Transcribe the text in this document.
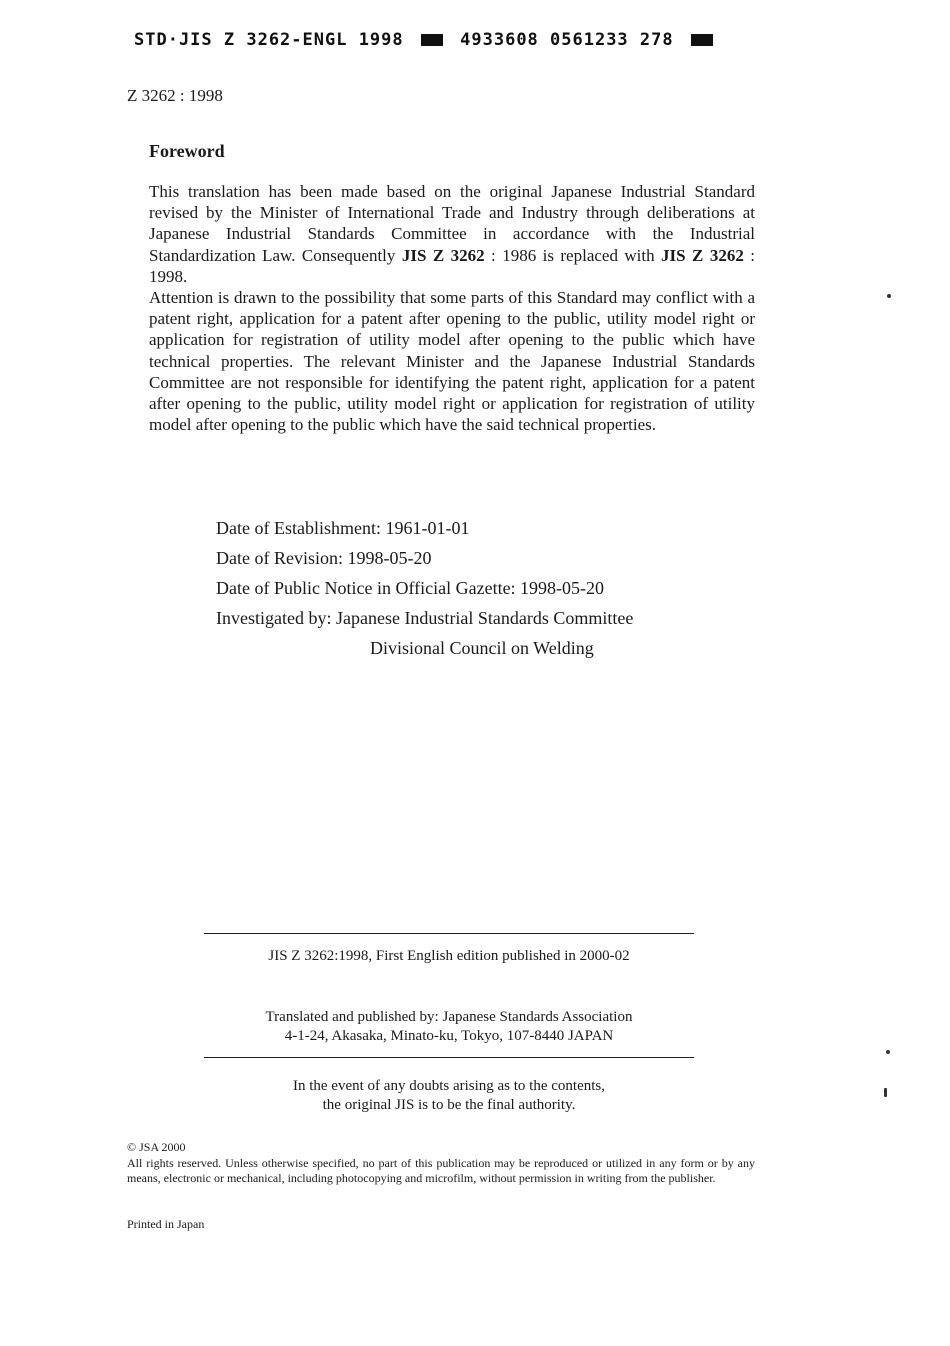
STD·JIS Z 3262-ENGL 1998	4933608 0561233 278
Z 3262 : 1998
Foreword

This translation has been made based on the original Japanese Industrial Standard revised by the Minister of International Trade and Industry through deliberations at Japanese Industrial Standards Committee in accordance with the Industrial Standardization Law. Consequently JIS Z 3262 : 1986 is replaced with JIS Z 3262 : 1998.

Attention is drawn to the possibility that some parts of this Standard may conflict with a patent right, application for a patent after opening to the public, utility model right or application for registration of utility model after opening to the public which have technical properties. The relevant Minister and the Japanese Industrial Standards Committee are not responsible for identifying the patent right, application for a patent after opening to the public, utility model right or application for registration of utility model after opening to the public which have the said technical properties.

Date of Establishment: 1961-01-01
Date of Revision: 1998-05-20
Date of Public Notice in Official Gazette: 1998-05-20
Investigated by: Japanese Industrial Standards Committee
Divisional Council on Welding
JIS Z 3262:1998, First English edition published in 2000-02
Translated and published by: Japanese Standards Association
4-1-24, Akasaka, Minato-ku, Tokyo, 107-8440 JAPAN
In the event of any doubts arising as to the contents,
the original JIS is to be the final authority.
© JSA 2000
All rights reserved. Unless otherwise specified, no part of this publication may be reproduced or utilized in any form or by any means, electronic or mechanical, including photocopying and microfilm, without permission in writing from the publisher.
Printed in Japan
